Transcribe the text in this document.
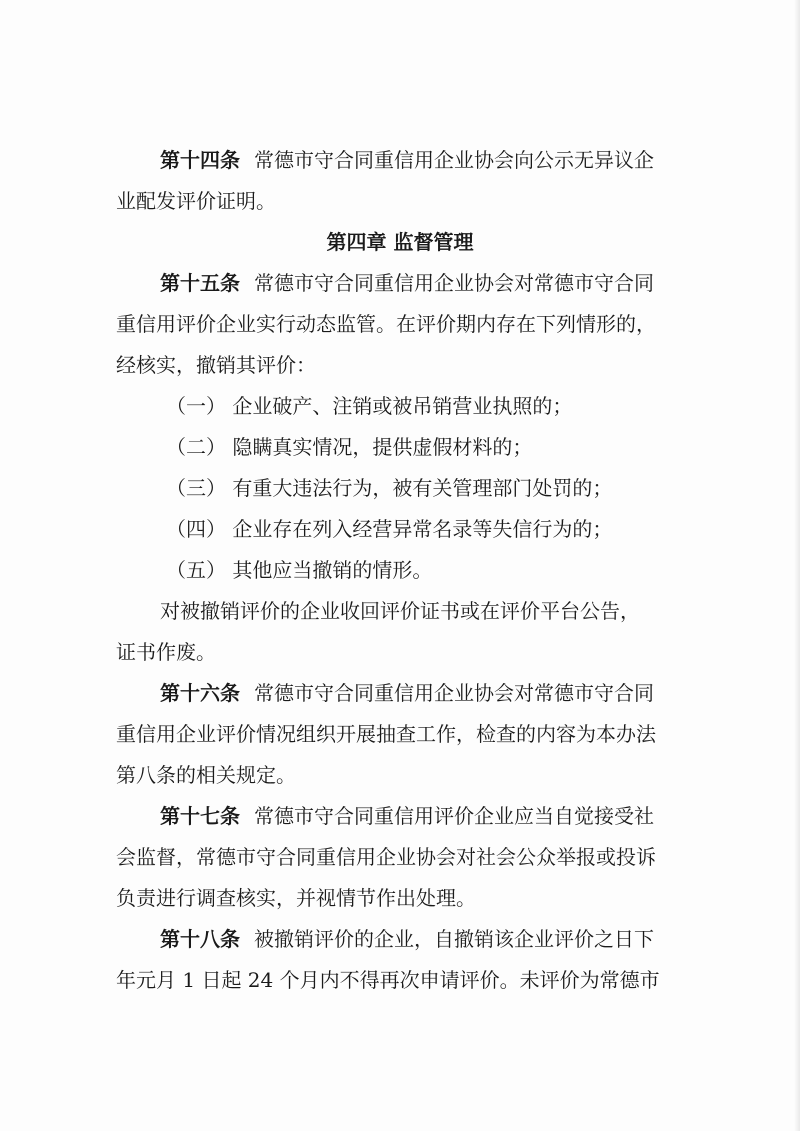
第十四条 常德市守合同重信用企业协会向公示无异议企
业配发评价证明。
第四章 监督管理
第十五条 常德市守合同重信用企业协会对常德市守合同
重信用评价企业实行动态监管。在评价期内存在下列情形的，
经核实，撤销其评价：
（一） 企业破产、注销或被吊销营业执照的；
（二） 隐瞒真实情况，提供虚假材料的；
（三） 有重大违法行为，被有关管理部门处罚的；
（四） 企业存在列入经营异常名录等失信行为的；
（五） 其他应当撤销的情形。
对被撤销评价的企业收回评价证书或在评价平台公告，
证书作废。
第十六条 常德市守合同重信用企业协会对常德市守合同
重信用企业评价情况组织开展抽查工作，检查的内容为本办法
第八条的相关规定。
第十七条 常德市守合同重信用评价企业应当自觉接受社
会监督，常德市守合同重信用企业协会对社会公众举报或投诉
负责进行调查核实，并视情节作出处理。
第十八条 被撤销评价的企业，自撤销该企业评价之日下
年元月 1 日起 24 个月内不得再次申请评价。未评价为常德市
